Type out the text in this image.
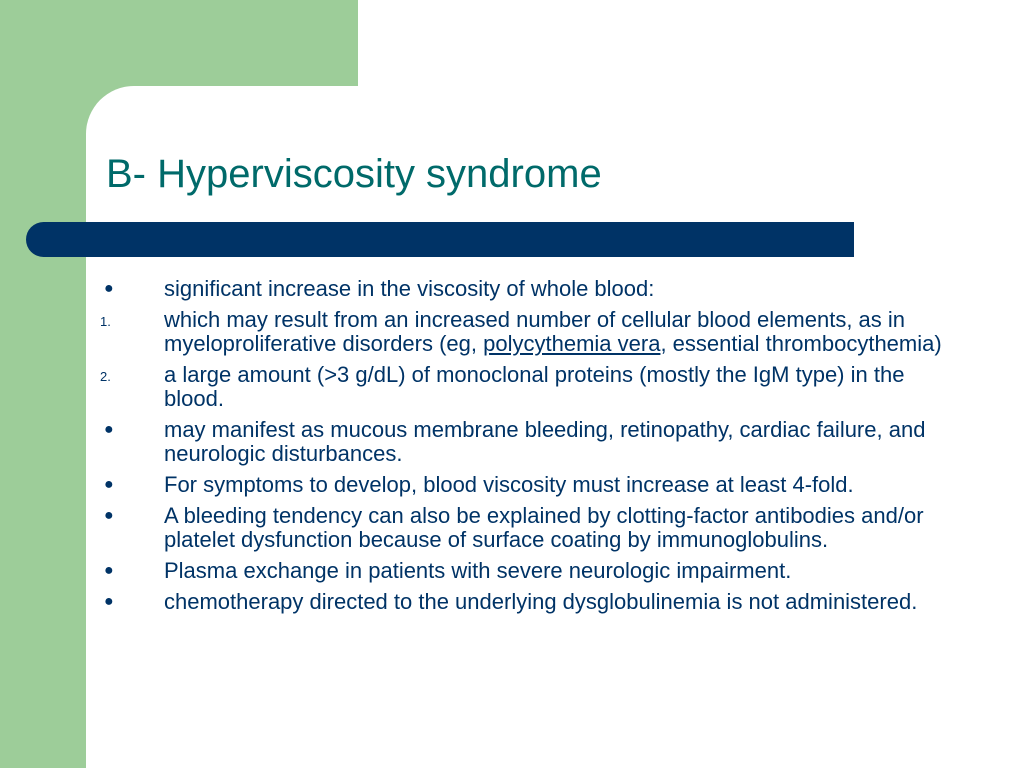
B- Hyperviscosity syndrome
●	significant increase in the viscosity of whole blood:
1.	which may result from an increased number of cellular blood elements, as in myeloproliferative disorders (eg, polycythemia vera, essential thrombocythemia)
2.	a large amount (>3 g/dL) of monoclonal proteins (mostly the IgM type) in the blood.
●	may manifest as mucous membrane bleeding, retinopathy, cardiac failure, and neurologic disturbances.
●	For symptoms to develop, blood viscosity must increase at least 4-fold.
●	A bleeding tendency can also be explained by clotting-factor antibodies and/or platelet dysfunction because of surface coating by immunoglobulins.
●	Plasma exchange in patients with severe neurologic impairment.
●	chemotherapy directed to the underlying dysglobulinemia is not administered.
